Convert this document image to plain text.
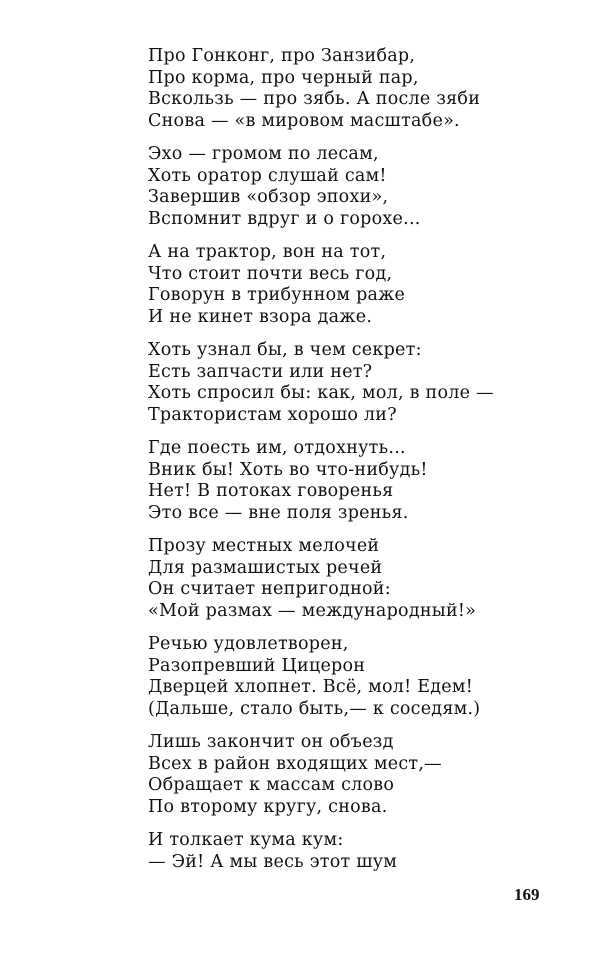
Про Гонконг, про Занзибар,
Про корма, про черный пар,
Вскользь — про зябь. А после зяби
Снова — «в мировом масштабе».
Эхо — громом по лесам,
Хоть оратор слушай сам!
Завершив «обзор эпохи»,
Вспомнит вдруг и о горохе...
А на трактор, вон на тот,
Что стоит почти весь год,
Говорун в трибунном раже
И не кинет взора даже.
Хоть узнал бы, в чем секрет:
Есть запчасти или нет?
Хоть спросил бы: как, мол, в поле —
Трактористам хорошо ли?
Где поесть им, отдохнуть...
Вник бы! Хоть во что-нибудь!
Нет! В потоках говоренья
Это все — вне поля зренья.
Прозу местных мелочей
Для размашистых речей
Он считает непригодной:
«Мой размах — международный!»
Речью удовлетворен,
Разопревший Цицерон
Дверцей хлопнет. Всё, мол! Едем!
(Дальше, стало быть,— к соседям.)
Лишь закончит он объезд
Всех в район входящих мест,—
Обращает к массам слово
По второму кругу, снова.
И толкает кума кум:
— Эй! А мы весь этот шум
169
